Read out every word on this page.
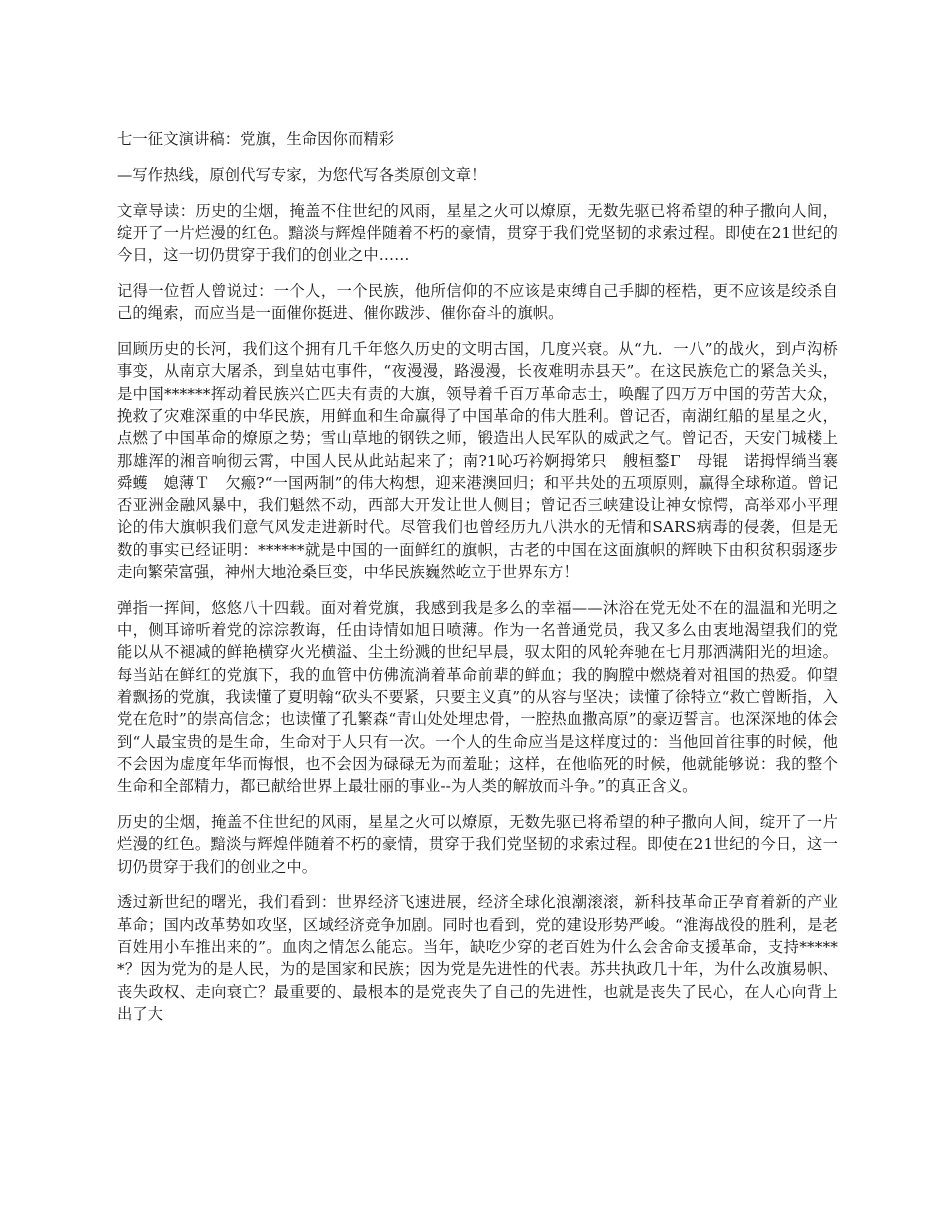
七一征文演讲稿：党旗，生命因你而精彩

—写作热线，原创代写专家，为您代写各类原创文章！

文章导读：历史的尘烟，掩盖不住世纪的风雨，星星之火可以燎原，无数先驱已将希望的种子撒向人间，绽开了一片烂漫的红色。黯淡与辉煌伴随着不朽的豪情，贯穿于我们党坚韧的求索过程。即使在21世纪的今日，这一切仍贯穿于我们的创业之中……

记得一位哲人曾说过：一个人，一个民族，他所信仰的不应该是束缚自己手脚的桎梏，更不应该是绞杀自己的绳索，而应当是一面催你挺进、催你跋涉、催你奋斗的旗帜。

回顾历史的长河，我们这个拥有几千年悠久历史的文明古国，几度兴衰。从“九．一八”的战火，到卢沟桥事变，从南京大屠杀，到皇姑屯事件，“夜漫漫，路漫漫，长夜难明赤县天”。在这民族危亡的紧急关头，是中国******挥动着民族兴亡匹夫有责的大旗，领导着千百万革命志士，唤醒了四万万中国的劳苦大众，挽救了灾难深重的中华民族，用鲜血和生命赢得了中国革命的伟大胜利。曾记否，南湖红船的星星之火，点燃了中国革命的燎原之势；雪山草地的钢铁之师，锻造出人民军队的威武之气。曾记否，天安门城楼上那雄浑的湘音响彻云霄，中国人民从此站起来了；南?1吣巧衿婀拇笫只　艘桓鍪Γ　母锟　诺拇悍绱当褰舜蠖　媳薄Ｔ　欠瘢?“一国两制”的伟大构想，迎来港澳回归；和平共处的五项原则，赢得全球称道。曾记否亚洲金融风暴中，我们魁然不动，西部大开发让世人侧目；曾记否三峡建设让神女惊愕，高举邓小平理论的伟大旗帜我们意气风发走进新时代。尽管我们也曾经历九八洪水的无情和SARS病毒的侵袭，但是无数的事实已经证明：******就是中国的一面鲜红的旗帜，古老的中国在这面旗帜的辉映下由积贫积弱逐步走向繁荣富强，神州大地沧桑巨变，中华民族巍然屹立于世界东方！

弹指一挥间，悠悠八十四载。面对着党旗，我感到我是多么的幸福——沐浴在党无处不在的温温和光明之中，侧耳谛听着党的淙淙教诲，任由诗情如旭日喷薄。作为一名普通党员，我又多么由衷地渴望我们的党能以从不褪减的鲜艳横穿火光横溢、尘土纷溅的世纪早晨，驭太阳的风轮奔驰在七月那洒满阳光的坦途。每当站在鲜红的党旗下，我的血管中仿佛流淌着革命前辈的鲜血；我的胸膛中燃烧着对祖国的热爱。仰望着飘扬的党旗，我读懂了夏明翰“砍头不要紧，只要主义真”的从容与坚决；读懂了徐特立“救亡曾断指，入党在危时”的崇高信念；也读懂了孔繁森“青山处处埋忠骨，一腔热血撒高原”的豪迈誓言。也深深地的体会到“人最宝贵的是生命，生命对于人只有一次。一个人的生命应当是这样度过的：当他回首往事的时候，他不会因为虚度年华而悔恨，也不会因为碌碌无为而羞耻；这样，在他临死的时候，他就能够说：我的整个生命和全部精力，都已献给世界上最壮丽的事业--为人类的解放而斗争。”的真正含义。

历史的尘烟，掩盖不住世纪的风雨，星星之火可以燎原，无数先驱已将希望的种子撒向人间，绽开了一片烂漫的红色。黯淡与辉煌伴随着不朽的豪情，贯穿于我们党坚韧的求索过程。即使在21世纪的今日，这一切仍贯穿于我们的创业之中。

透过新世纪的曙光，我们看到：世界经济飞速进展，经济全球化浪潮滚滚，新科技革命正孕育着新的产业革命；国内改革势如攻坚，区域经济竞争加剧。同时也看到，党的建设形势严峻。“淮海战役的胜利，是老百姓用小车推出来的”。血肉之情怎么能忘。当年，缺吃少穿的老百姓为什么会舍命支援革命，支持******？因为党为的是人民，为的是国家和民族；因为党是先进性的代表。苏共执政几十年，为什么改旗易帜、丧失政权、走向衰亡？最重要的、最根本的是党丧失了自己的先进性，也就是丧失了民心，在人心向背上出了大
